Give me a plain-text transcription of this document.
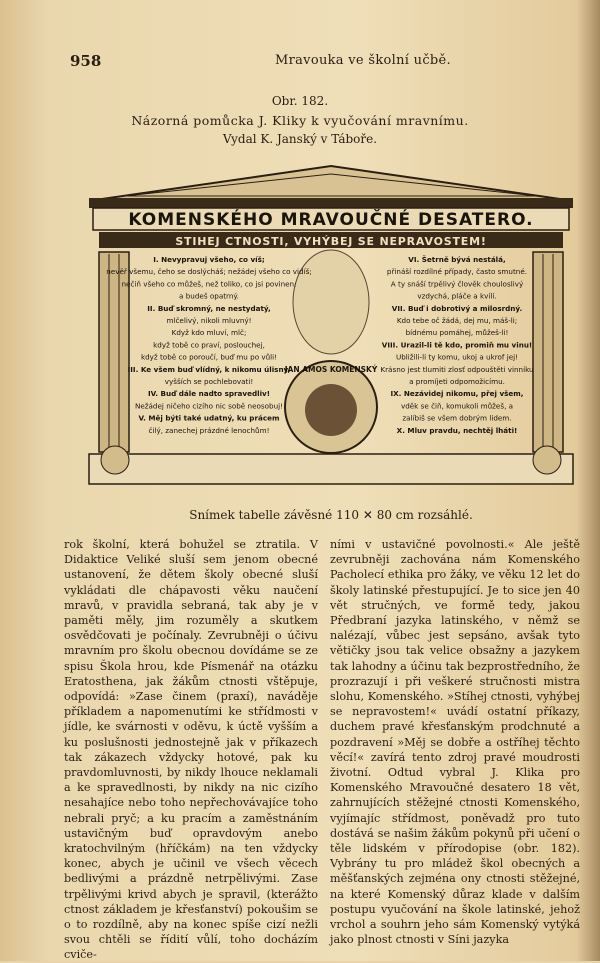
958	Mravouka ve školní učbě.
Obr. 182.
Názorná pomůcka J. Kliky k vyučování mravnímu.
Vydal K. Janský v Táboře.
KOMENSKÉHO MRAVOUČNÉ DESATERO.
STIHEJ CTNOSTI, VYHÝBEJ SE NEPRAVOSTEM!
JAN AMOS KOMENSKÝ
I. Nevypravuj všeho, co víš;
nevěř všemu, čeho se doslýcháš; nežádej všeho co vidíš;
nečiň všeho co můžeš, než toliko, co jsi povinen:
a budeš opatrný.
II. Buď skromný, ne nestydatý,
mlčelivý, nikoli mluvný!
Když kdo mluví, mlč;
když tobě co praví, poslouchej,
když tobě co poroučí, buď mu po vůli!
III. Ke všem buď vlídný, k nikomu úlisný,
vyšších se pochlebovati!
IV. Buď dále nadto spravedliv!
Nežádej ničeho cizího nic sobě neosobuj!
V. Měj býti také udatný, ku prácem
čilý, zanechej prázdné lenochům!
VI. Šetrně bývá nestálá,
přináší rozdílné případy, často smutné.
A ty snáší trpělivý člověk chouloslivý
vzdychá, pláče a kvílí.
VII. Buď i dobrotivý a milosrdný.
Kdo tebe oč žádá, dej mu, máš-li;
bídnému pomáhej, můžeš-li!
VIII. Urazil-li tě kdo, promiň mu vinu!
Ubližili-li ty komu, ukoj a ukrof jej!
Krásno jest tlumiti zlosť odpouštěti vinníku
a promíjeti odpomožicímu.
IX. Nezávidej nikomu, přej všem,
vděk se čiň, komukoli můžeš, a
zalíbiš se všem dobrým lidem.
X. Mluv pravdu, nechtěj lháti!
Snímek tabelle závěsné 110 ✕ 80 cm rozsáhlé.

rok školní, která bohužel se ztratila. V Didaktice Veliké sluší sem jenom obecné ustanovení, že dětem školy obecné sluší vykládati dle chápavosti věku naučení mravů, v pravidla sebraná, tak aby je v paměti měly, jim rozuměly a skutkem osvědčovati je počínaly. Zevrubněji o účivu mravním pro školu obecnou dovídáme se ze spisu Škola hrou, kde Písmenář na otázku Eratosthena, jak žákům ctnosti vštěpuje, odpovídá: »Zase činem (praxí), naváděje příkladem a napomenutími ke střídmosti v jídle, ke svárnosti v oděvu, k úctě vyšším a ku poslušnosti jednostejně jak v příkazech tak zákazech vždycky hotové, pak ku pravdomluvnosti, by nikdy lhouce neklamali a ke spravedlnosti, by nikdy na nic cizího nesahajíce nebo toho nepřechovávajíce toho nebrali pryč; a ku pracím a zaměstnáním ustavičným buď opravdovým anebo kratochvilným (hříčkám) na ten vždycky konec, abych je učinil ve všech věcech bedlivými a prázdně netrpělivými. Zase trpělivými krivd abych je spravil, (kterážto ctnost základem je křesťanství) pokoušim se o to rozdílně, aby na konec spíše cizí nežli svou chtěli se řídití vůlí, toho docházím cviče-

ními v ustavičné povolnosti.« Ale ještě zevrubněji zachována nám Komenského Pacholecí ethika pro žáky, ve věku 12 let do školy latinské přestupující. Je to sice jen 40 vět stručných, ve formě tedy, jakou Předbraní jazyka latinského, v němž se nalézají, vůbec jest sepsáno, avšak tyto větičky jsou tak velice obsažny a jazykem tak lahodny a účinu tak bezprostředního, že prozrazují i při veškeré stručnosti mistra slohu, Komenského. »Stíhej ctnosti, vyhýbej se nepravostem!« uvádí ostatní příkazy, duchem pravé křesťanským prodchnuté a pozdravení »Měj se dobře a ostříhej těchto věcí!« zavírá tento zdroj pravé moudrosti životní. Odtud vybral J. Klika pro Komenského Mravoučné desatero 18 vět, zahrnujících stěžejné ctnosti Komenského, vyjímajíc střídmost, poněvadž pro tuto dostává se našim žákům pokynů při učení o těle lidském v přírodopise (obr. 182). Vybrány tu pro mládež škol obecných a měšťanských zejména ony ctnosti stěžejné, na které Komenský důraz klade v dalším postupu vyučování na škole latinské, jehož vrchol a souhrn jeho sám Komenský vytýká jako plnost ctnosti v Síni jazyka
